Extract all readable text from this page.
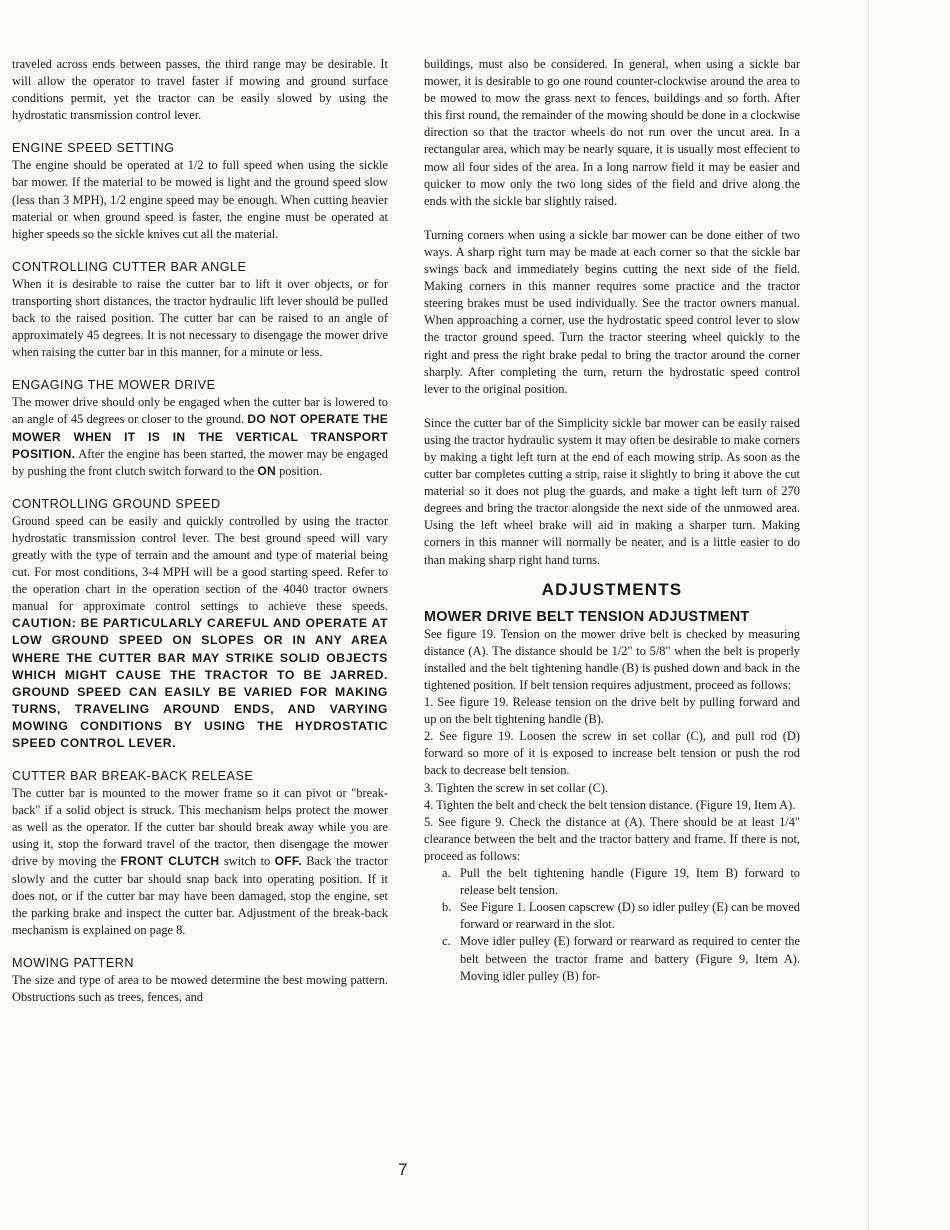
traveled across ends between passes, the third range may be desirable. It will allow the operator to travel faster if mowing and ground surface conditions permit, yet the tractor can be easily slowed by using the hydrostatic transmission control lever.

ENGINE SPEED SETTING

The engine should be operated at 1/2 to full speed when using the sickle bar mower. If the material to be mowed is light and the ground speed slow (less than 3 MPH), 1/2 engine speed may be enough. When cutting heavier material or when ground speed is faster, the engine must be operated at higher speeds so the sickle knives cut all the material.

CONTROLLING CUTTER BAR ANGLE

When it is desirable to raise the cutter bar to lift it over objects, or for transporting short distances, the tractor hydraulic lift lever should be pulled back to the raised position. The cutter bar can be raised to an angle of approximately 45 degrees. It is not necessary to disengage the mower drive when raising the cutter bar in this manner, for a minute or less.

ENGAGING THE MOWER DRIVE

The mower drive should only be engaged when the cutter bar is lowered to an angle of 45 degrees or closer to the ground. DO NOT OPERATE THE MOWER WHEN IT IS IN THE VERTICAL TRANSPORT POSITION. After the engine has been started, the mower may be engaged by pushing the front clutch switch forward to the ON position.

CONTROLLING GROUND SPEED

Ground speed can be easily and quickly controlled by using the tractor hydrostatic transmission control lever. The best ground speed will vary greatly with the type of terrain and the amount and type of material being cut. For most conditions, 3-4 MPH will be a good starting speed. Refer to the operation chart in the operation section of the 4040 tractor owners manual for approximate control settings to achieve these speeds. CAUTION: BE PARTICULARLY CAREFUL AND OPERATE AT LOW GROUND SPEED ON SLOPES OR IN ANY AREA WHERE THE CUTTER BAR MAY STRIKE SOLID OBJECTS WHICH MIGHT CAUSE THE TRACTOR TO BE JARRED. GROUND SPEED CAN EASILY BE VARIED FOR MAKING TURNS, TRAVELING AROUND ENDS, AND VARYING MOWING CONDITIONS BY USING THE HYDROSTATIC SPEED CONTROL LEVER.

CUTTER BAR BREAK-BACK RELEASE

The cutter bar is mounted to the mower frame so it can pivot or "break-back" if a solid object is struck. This mechanism helps protect the mower as well as the operator. If the cutter bar should break away while you are using it, stop the forward travel of the tractor, then disengage the mower drive by moving the FRONT CLUTCH switch to OFF. Back the tractor slowly and the cutter bar should snap back into operating position. If it does not, or if the cutter bar may have been damaged, stop the engine, set the parking brake and inspect the cutter bar. Adjustment of the break-back mechanism is explained on page 8.

MOWING PATTERN

The size and type of area to be mowed determine the best mowing pattern. Obstructions such as trees, fences, and

buildings, must also be considered. In general, when using a sickle bar mower, it is desirable to go one round counter-clockwise around the area to be mowed to mow the grass next to fences, buildings and so forth. After this first round, the remainder of the mowing should be done in a clockwise direction so that the tractor wheels do not run over the uncut area. In a rectangular area, which may be nearly square, it is usually most effecient to mow all four sides of the area. In a long narrow field it may be easier and quicker to mow only the two long sides of the field and drive along the ends with the sickle bar slightly raised.

Turning corners when using a sickle bar mower can be done either of two ways. A sharp right turn may be made at each corner so that the sickle bar swings back and immediately begins cutting the next side of the field. Making corners in this manner requires some practice and the tractor steering brakes must be used individually. See the tractor owners manual. When approaching a corner, use the hydrostatic speed control lever to slow the tractor ground speed. Turn the tractor steering wheel quickly to the right and press the right brake pedal to bring the tractor around the corner sharply. After completing the turn, return the hydrostatic speed control lever to the original position.

Since the cutter bar of the Simplicity sickle bar mower can be easily raised using the tractor hydraulic system it may often be desirable to make corners by making a tight left turn at the end of each mowing strip. As soon as the cutter bar completes cutting a strip, raise it slightly to bring it above the cut material so it does not plug the guards, and make a tight left turn of 270 degrees and bring the tractor alongside the next side of the unmowed area. Using the left wheel brake will aid in making a sharper turn. Making corners in this manner will normally be neater, and is a little easier to do than making sharp right hand turns.

ADJUSTMENTS
MOWER DRIVE BELT TENSION ADJUSTMENT

See figure 19. Tension on the mower drive belt is checked by measuring distance (A). The distance should be 1/2" to 5/8" when the belt is properly installed and the belt tightening handle (B) is pushed down and back in the tightened position. If belt tension requires adjustment, proceed as follows:

1. See figure 19. Release tension on the drive belt by pulling forward and up on the belt tightening handle (B).

2. See figure 19. Loosen the screw in set collar (C), and pull rod (D) forward so more of it is exposed to increase belt tension or push the rod back to decrease belt tension.

3. Tighten the screw in set collar (C).

4. Tighten the belt and check the belt tension distance. (Figure 19, Item A).

5. See figure 9. Check the distance at (A). There should be at least 1/4" clearance between the belt and the tractor battery and frame. If there is not, proceed as follows:

a. Pull the belt tightening handle (Figure 19, Item B) forward to release belt tension.
b. See Figure 1. Loosen capscrew (D) so idler pulley (E) can be moved forward or rearward in the slot.
c. Move idler pulley (E) forward or rearward as required to center the belt between the tractor frame and battery (Figure 9, Item A). Moving idler pulley (B) for-
7
